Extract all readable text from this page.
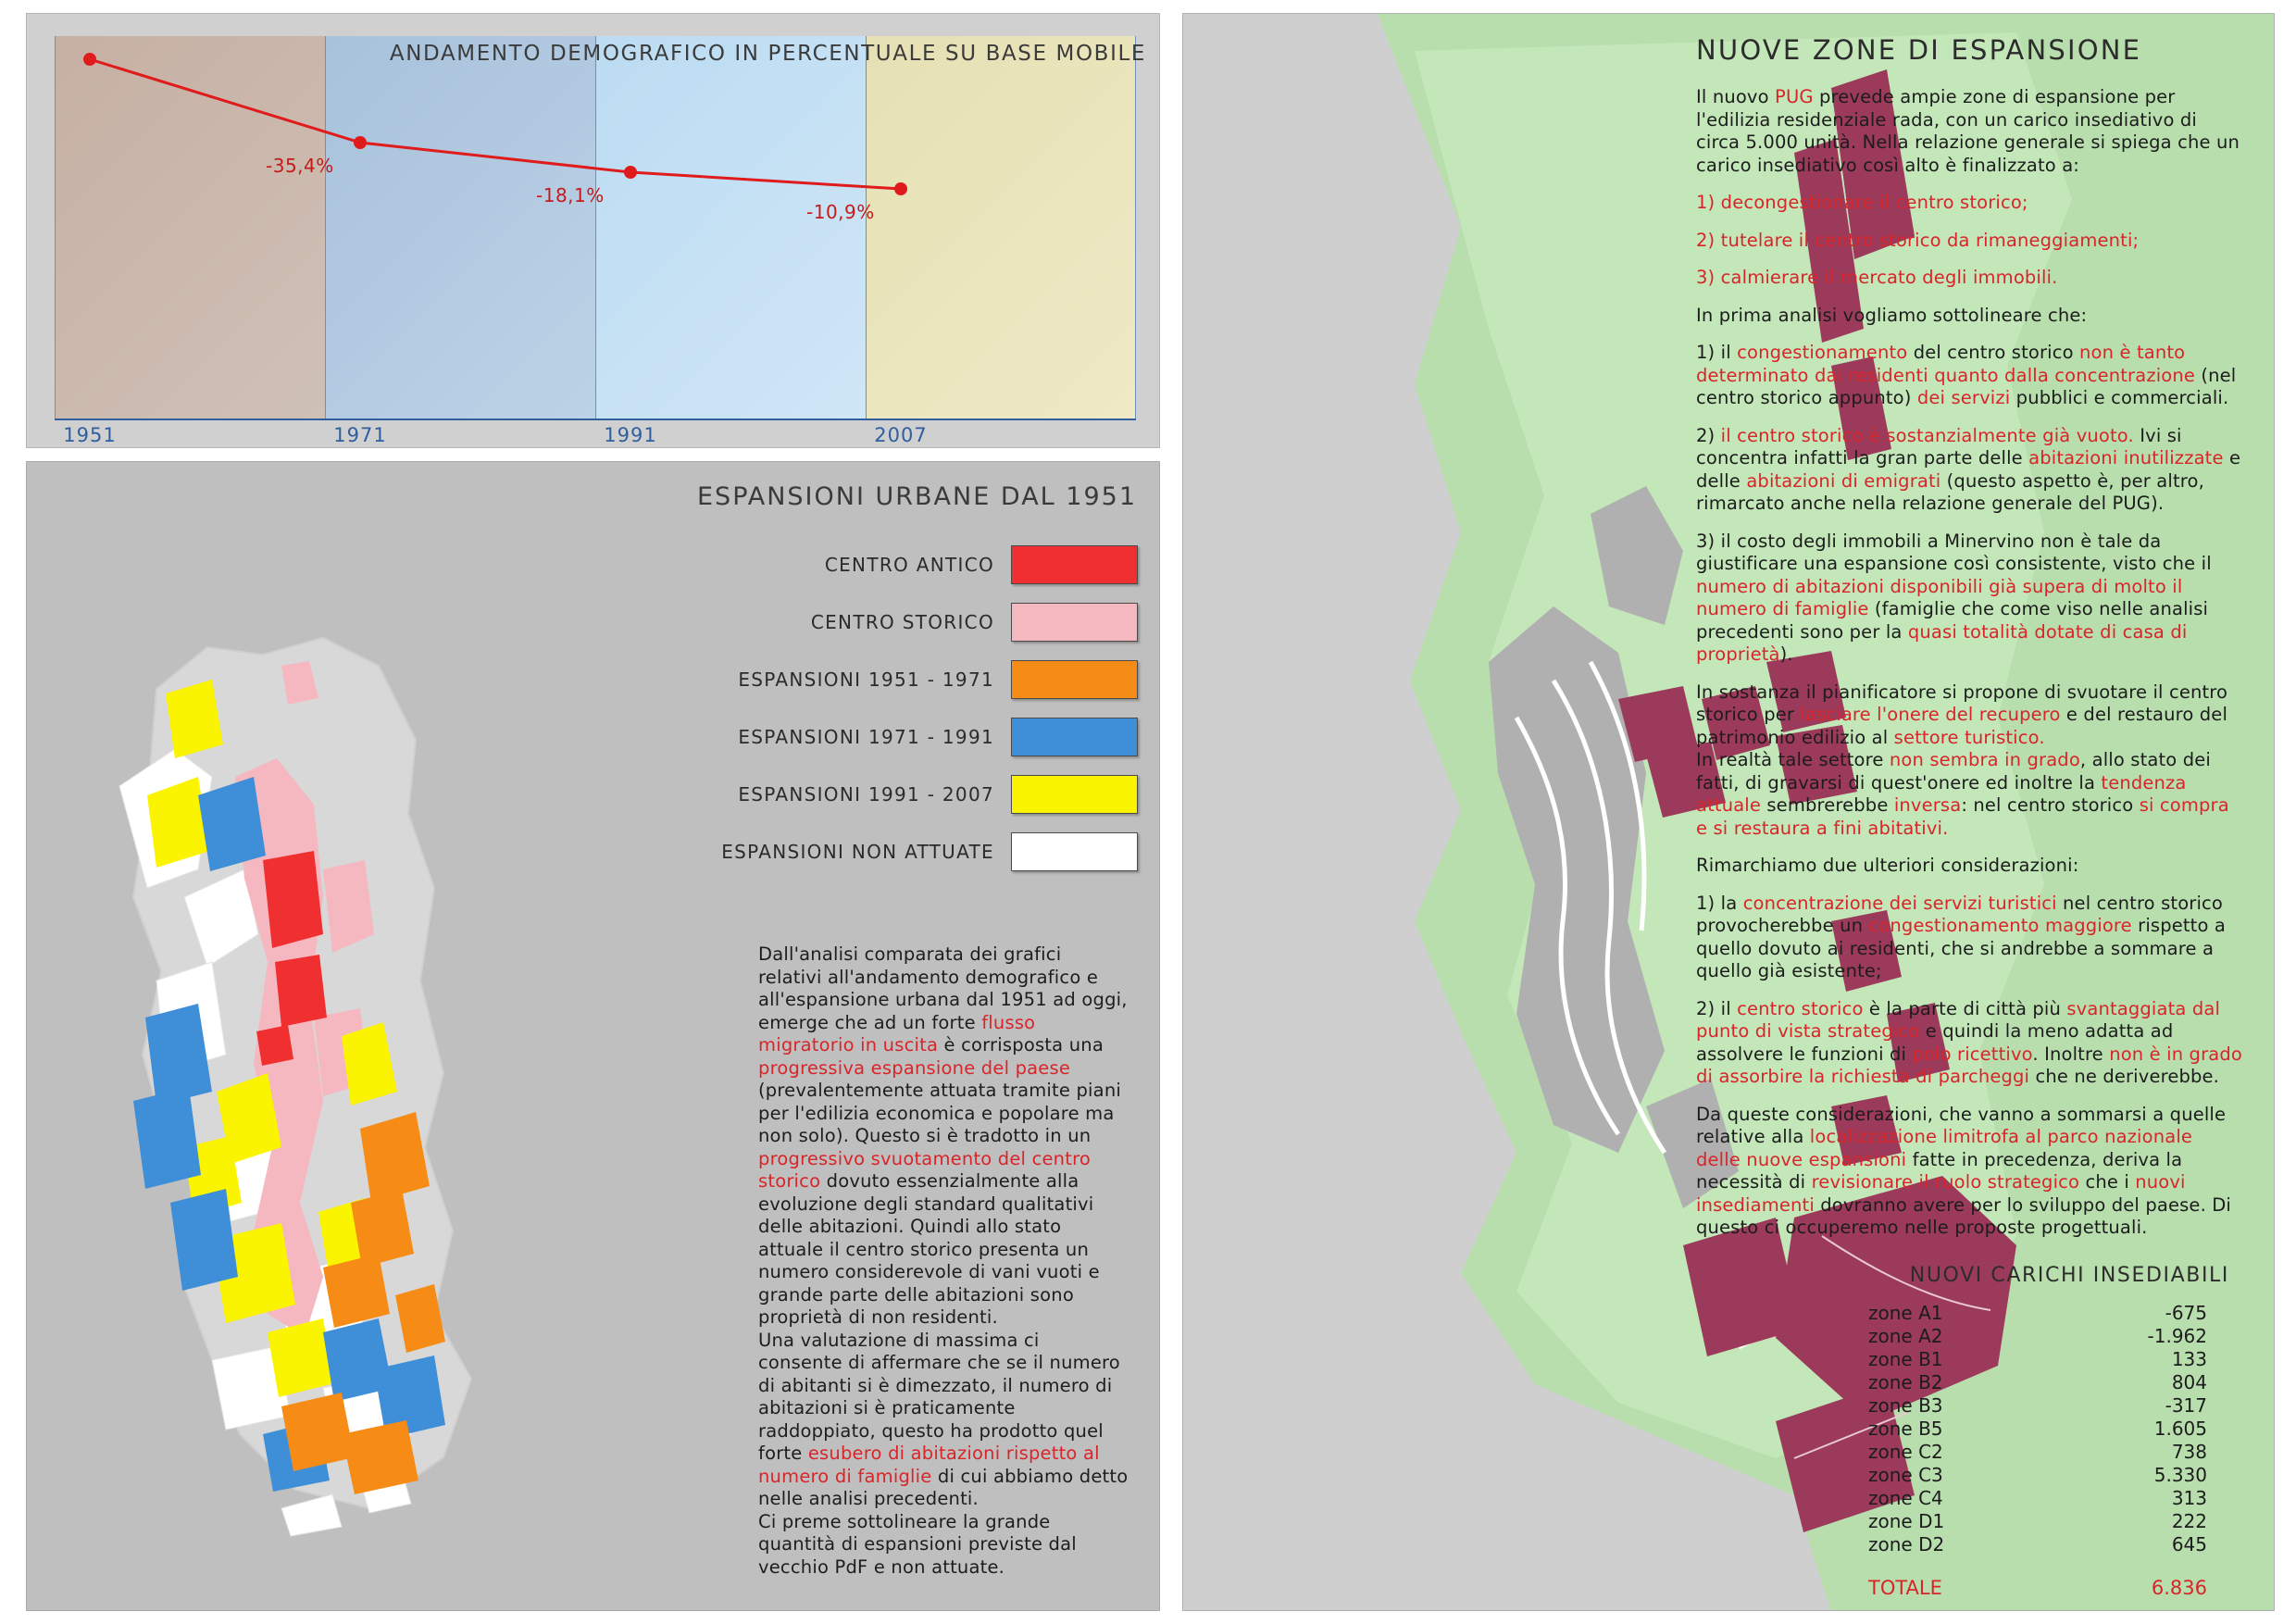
-35,4%
-18,1%
-10,9%
ANDAMENTO DEMOGRAFICO IN PERCENTUALE SU BASE MOBILE
1951	1971	1991	2007
ESPANSIONI URBANE DAL 1951
CENTRO ANTICO
CENTRO STORICO
ESPANSIONI 1951 - 1971
ESPANSIONI 1971 - 1991
ESPANSIONI 1991 - 2007
ESPANSIONI NON ATTUATE
Dall'analisi comparata dei grafici relativi all'andamento demografico e all'espansione urbana dal 1951 ad oggi, emerge che ad un forte flusso migratorio in uscita è corrisposta una progressiva espansione del paese (prevalentemente attuata tramite piani per l'edilizia economica e popolare ma non solo). Questo si è tradotto in un progressivo svuotamento del centro storico dovuto essenzialmente alla evoluzione degli standard qualitativi delle abitazioni. Quindi allo stato attuale il centro storico presenta un numero considerevole di vani vuoti e grande parte delle abitazioni sono proprietà di non residenti.
Una valutazione di massima ci consente di affermare che se il numero di abitanti si è dimezzato, il numero di abitazioni si è praticamente raddoppiato, questo ha prodotto quel forte esubero di abitazioni rispetto al numero di famiglie di cui abbiamo detto nelle analisi precedenti.
Ci preme sottolineare la grande quantità di espansioni previste dal vecchio PdF e non attuate.
NUOVE ZONE DI ESPANSIONE

Il nuovo PUG prevede ampie zone di espansione per l'edilizia residenziale rada, con un carico insediativo di circa 5.000 unità. Nella relazione generale si spiega che un carico insediativo così alto è finalizzato a:

1) decongestionare il centro storico;

2) tutelare il centro storico da rimaneggiamenti;

3) calmierare il mercato degli immobili.

In prima analisi vogliamo sottolineare che:

1) il congestionamento del centro storico non è tanto determinato dai residenti quanto dalla concentrazione (nel centro storico appunto) dei servizi pubblici e commerciali.

2) il centro storico è sostanzialmente già vuoto. Ivi si concentra infatti la gran parte delle abitazioni inutilizzate e delle abitazioni di emigrati (questo aspetto è, per altro, rimarcato anche nella relazione generale del PUG).

3) il costo degli immobili a Minervino non è tale da giustificare una espansione così consistente, visto che il numero di abitazioni disponibili già supera di molto il numero di famiglie (famiglie che come viso nelle analisi precedenti sono per la quasi totalità dotate di casa di proprietà).

In sostanza il pianificatore si propone di svuotare il centro storico per lasciare l'onere del recupero e del restauro del patrimonio edilizio al settore turistico.
In realtà tale settore non sembra in grado, allo stato dei fatti, di gravarsi di quest'onere ed inoltre la tendenza attuale sembrerebbe inversa: nel centro storico si compra e si restaura a fini abitativi.

Rimarchiamo due ulteriori considerazioni:

1) la concentrazione dei servizi turistici nel centro storico provocherebbe un congestionamento maggiore rispetto a quello dovuto ai residenti, che si andrebbe a sommare a quello già esistente;

2) il centro storico è la parte di città più svantaggiata dal punto di vista strategico e quindi la meno adatta ad assolvere le funzioni di polo ricettivo. Inoltre non è in grado di assorbire la richiesta di parcheggi che ne deriverebbe.

Da queste considerazioni, che vanno a sommarsi a quelle relative alla localizzazione limitrofa al parco nazionale delle nuove espansioni fatte in precedenza, deriva la necessità di revisionare il ruolo strategico che i nuovi insediamenti dovranno avere per lo sviluppo del paese. Di questo ci occuperemo nelle proposte progettuali.

NUOVI CARICHI INSEDIABILI
zone A1	-675
zone A2	-1.962
zone B1	133
zone B2	804
zone B3	-317
zone B5	1.605
zone C2	738
zone C3	5.330
zone C4	313
zone D1	222
zone D2	645
TOTALE	6.836
